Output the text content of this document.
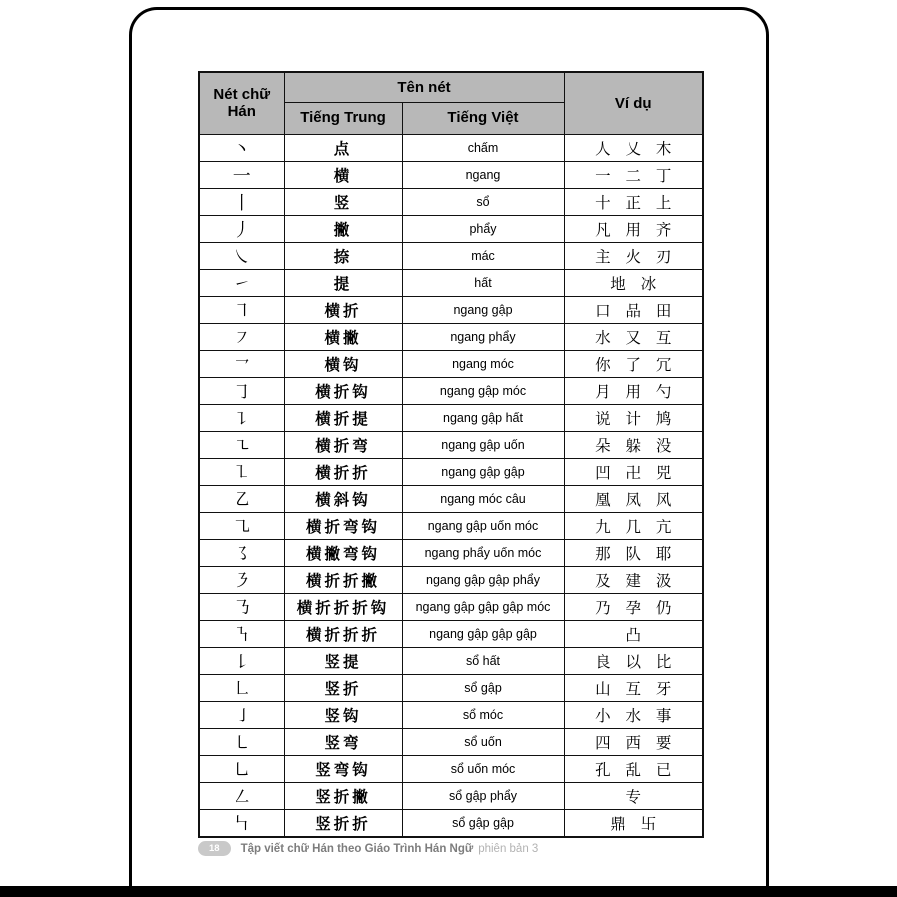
Nét chữ Hán	Tên nét		Ví dụ
	Tiếng Trung	Tiếng Việt	
丶	点	chấm	人 乂 木
一	横	ngang	一 二 丁
丨	竖	sổ	十 正 上
丿	撇	phẩy	凡 用 齐
㇏	捺	mác	主 火 刃
㇀	提	hất	地 冰
㇕	横折	ngang gập	口 品 田
㇇	横撇	ngang phẩy	水 又 互
㇖	横钩	ngang móc	你 了 冗
㇆	横折钩	ngang gập móc	月 用 勺
㇊	横折提	ngang gập hất	说 计 鸠
㇍	横折弯	ngang gập uốn	朵 躲 没
㇅	横折折	ngang gập gập	凹 卍 兕
㇠	横斜钩	ngang móc câu	凰 凤 风
㇈	横折弯钩	ngang gập uốn móc	九 几 亢
㇌	横撇弯钩	ngang phẩy uốn móc	那 队 耶
㇋	横折折撇	ngang gập gập phẩy	及 建 汲
㇡	横折折折钩	ngang gập gập gập móc	乃 孕 仍
㇎	横折折折	ngang gập gập gập	凸
㇙	竖提	sổ hất	良 以 比
㇗	竖折	sổ gập	山 互 牙
㇚	竖钩	sổ móc	小 水 事
㇄	竖弯	sổ uốn	四 西 要
㇟	竖弯钩	sổ uốn móc	孔 乱 已
㇜	竖折撇	sổ gập phẩy	专
㇞	竖折折	sổ gập gập	鼎 卐
18	Tập viết chữ Hán theo Giáo Trình Hán Ngữ phiên bản 3
